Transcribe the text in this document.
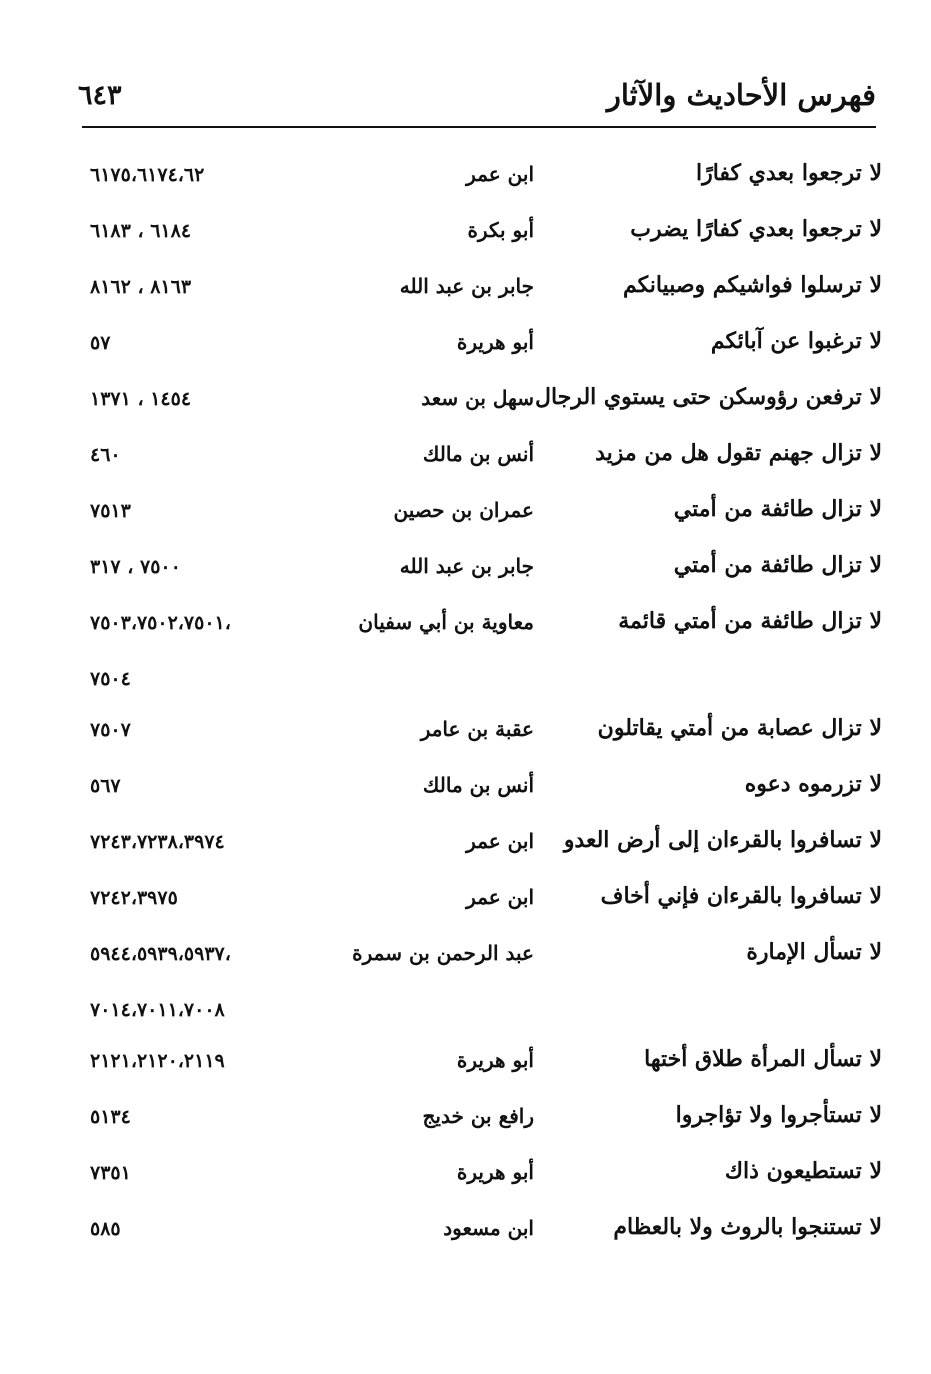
فهرس الأحاديث والآثار
٦٤٣
لا ترجعوا بعدي كفارًا
ابن عمر
٦١٧٥،٦١٧٤،٦٢
لا ترجعوا بعدي كفارًا يضرب
أبو بكرة
٦١٨٤ ، ٦١٨٣
لا ترسلوا فواشيكم وصبيانكم
جابر بن عبد الله
٨١٦٣ ، ٨١٦٢
لا ترغبوا عن آبائكم
أبو هريرة
٥٧
لا ترفعن رؤوسكن حتى يستوي الرجال
سهل بن سعد
١٤٥٤ ، ١٣٧١
لا تزال جهنم تقول هل من مزيد
أنس بن مالك
٤٦٠
لا تزال طائفة من أمتي
عمران بن حصين
٧٥١٣
لا تزال طائفة من أمتي
جابر بن عبد الله
٧٥٠٠ ، ٣١٧
لا تزال طائفة من أمتي قائمة
معاوية بن أبي سفيان
٧٥٠٣،٧٥٠٢،٧٥٠١،
٧٥٠٤
لا تزال عصابة من أمتي يقاتلون
عقبة بن عامر
٧٥٠٧
لا تزرموه دعوه
أنس بن مالك
٥٦٧
لا تسافروا بالقرءان إلى أرض العدو
ابن عمر
٧٢٤٣،٧٢٣٨،٣٩٧٤
لا تسافروا بالقرءان فإني أخاف
ابن عمر
٧٢٤٢،٣٩٧٥
لا تسأل الإمارة
عبد الرحمن بن سمرة
٥٩٤٤،٥٩٣٩،٥٩٣٧،
٧٠١٤،٧٠١١،٧٠٠٨
لا تسأل المرأة طلاق أختها
أبو هريرة
٢١٢١،٢١٢٠،٢١١٩
لا تستأجروا ولا تؤاجروا
رافع بن خديج
٥١٣٤
لا تستطيعون ذاك
أبو هريرة
٧٣٥١
لا تستنجوا بالروث ولا بالعظام
ابن مسعود
٥٨٥
